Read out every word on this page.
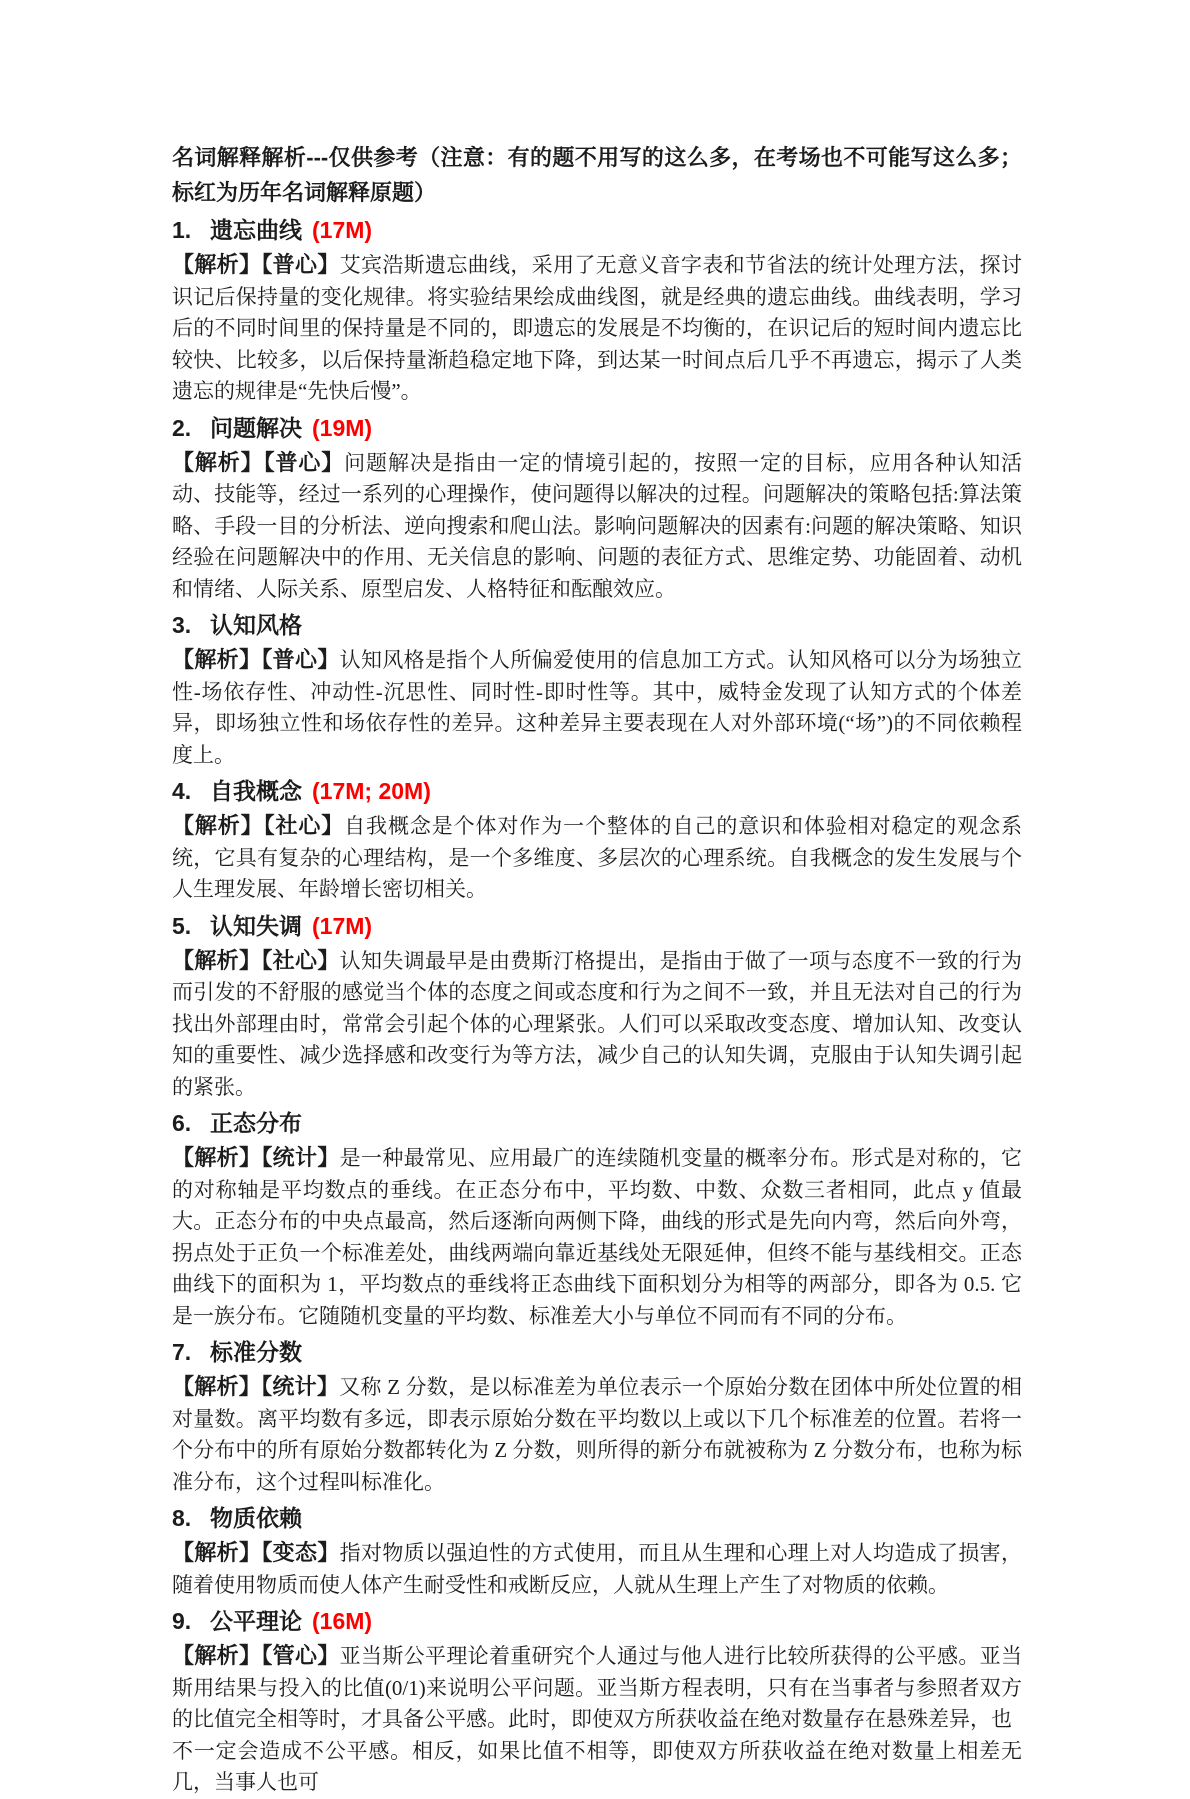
名词解释解析---仅供参考（注意：有的题不用写的这么多，在考场也不可能写这么多；标红为历年名词解释原题）

1. 遗忘曲线 (17M)

【解析】【普心】艾宾浩斯遗忘曲线，采用了无意义音字表和节省法的统计处理方法，探讨识记后保持量的变化规律。将实验结果绘成曲线图，就是经典的遗忘曲线。曲线表明，学习后的不同时间里的保持量是不同的，即遗忘的发展是不均衡的，在识记后的短时间内遗忘比较快、比较多，以后保持量渐趋稳定地下降，到达某一时间点后几乎不再遗忘，揭示了人类遗忘的规律是“先快后慢”。

2. 问题解决 (19M)

【解析】【普心】问题解决是指由一定的情境引起的，按照一定的目标，应用各种认知活动、技能等，经过一系列的心理操作，使问题得以解决的过程。问题解决的策略包括:算法策略、手段一目的分析法、逆向搜索和爬山法。影响问题解决的因素有:问题的解决策略、知识经验在问题解决中的作用、无关信息的影响、问题的表征方式、思维定势、功能固着、动机和情绪、人际关系、原型启发、人格特征和酝酿效应。

3. 认知风格

【解析】【普心】认知风格是指个人所偏爱使用的信息加工方式。认知风格可以分为场独立性-场依存性、冲动性-沉思性、同时性-即时性等。其中，威特金发现了认知方式的个体差异，即场独立性和场依存性的差异。这种差异主要表现在人对外部环境(“场”)的不同依赖程度上。

4. 自我概念 (17M; 20M)

【解析】【社心】自我概念是个体对作为一个整体的自己的意识和体验相对稳定的观念系统，它具有复杂的心理结构，是一个多维度、多层次的心理系统。自我概念的发生发展与个人生理发展、年龄增长密切相关。

5. 认知失调 (17M)

【解析】【社心】认知失调最早是由费斯汀格提出，是指由于做了一项与态度不一致的行为而引发的不舒服的感觉当个体的态度之间或态度和行为之间不一致，并且无法对自己的行为找出外部理由时，常常会引起个体的心理紧张。人们可以采取改变态度、增加认知、改变认知的重要性、减少选择感和改变行为等方法，减少自己的认知失调，克服由于认知失调引起的紧张。

6. 正态分布

【解析】【统计】是一种最常见、应用最广的连续随机变量的概率分布。形式是对称的，它的对称轴是平均数点的垂线。在正态分布中，平均数、中数、众数三者相同，此点 y 值最大。正态分布的中央点最高，然后逐渐向两侧下降，曲线的形式是先向内弯，然后向外弯，拐点处于正负一个标准差处，曲线两端向靠近基线处无限延伸，但终不能与基线相交。正态曲线下的面积为 1，平均数点的垂线将正态曲线下面积划分为相等的两部分，即各为 0.5. 它是一族分布。它随随机变量的平均数、标准差大小与单位不同而有不同的分布。

7. 标准分数

【解析】【统计】又称 Z 分数，是以标准差为单位表示一个原始分数在团体中所处位置的相对量数。离平均数有多远，即表示原始分数在平均数以上或以下几个标准差的位置。若将一个分布中的所有原始分数都转化为 Z 分数，则所得的新分布就被称为 Z 分数分布，也称为标准分布，这个过程叫标准化。

8. 物质依赖

【解析】【变态】指对物质以强迫性的方式使用，而且从生理和心理上对人均造成了损害，随着使用物质而使人体产生耐受性和戒断反应，人就从生理上产生了对物质的依赖。

9. 公平理论 (16M)

【解析】【管心】亚当斯公平理论着重研究个人通过与他人进行比较所获得的公平感。亚当斯用结果与投入的比值(0/1)来说明公平问题。亚当斯方程表明，只有在当事者与参照者双方的比值完全相等时，才具备公平感。此时，即使双方所获收益在绝对数量存在悬殊差异，也

不一定会造成不公平感。相反，如果比值不相等，即使双方所获收益在绝对数量上相差无几，当事人也可
